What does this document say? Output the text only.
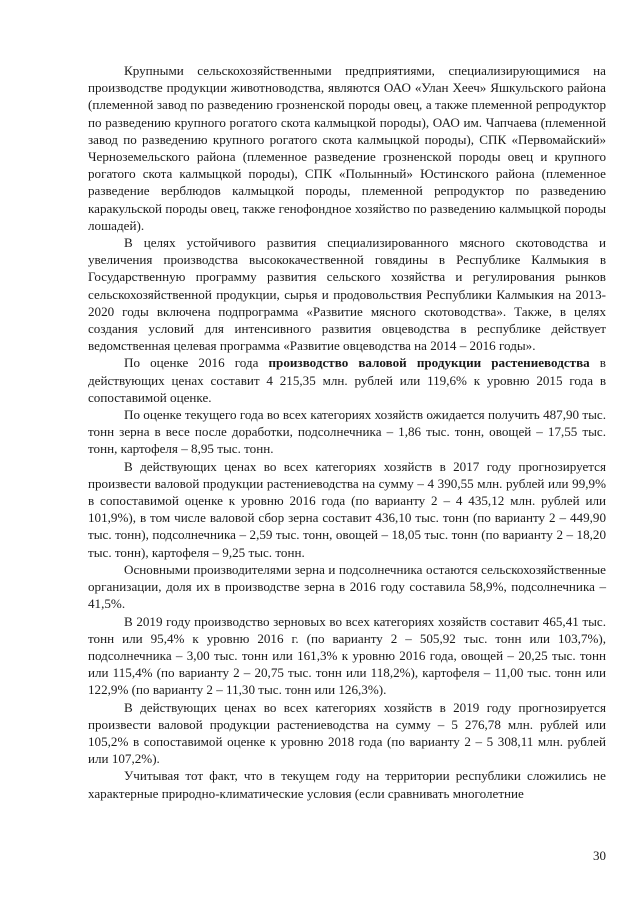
Крупными сельскохозяйственными предприятиями, специализирующимися на производстве продукции животноводства, являются ОАО «Улан Хееч» Яшкульского района (племенной завод по разведению грозненской породы овец, а также племенной репродуктор по разведению крупного рогатого скота калмыцкой породы), ОАО им. Чапчаева (племенной завод по разведению крупного рогатого скота калмыцкой породы), СПК «Первомайский» Черноземельского района (племенное разведение грозненской породы овец и крупного рогатого скота калмыцкой породы), СПК «Полынный» Юстинского района (племенное разведение верблюдов калмыцкой породы, племенной репродуктор по разведению каракульской породы овец, также генофондное хозяйство по разведению калмыцкой породы лошадей).

В целях устойчивого развития специализированного мясного скотоводства и увеличения производства высококачественной говядины в Республике Калмыкия в Государственную программу развития сельского хозяйства и регулирования рынков сельскохозяйственной продукции, сырья и продовольствия Республики Калмыкия на 2013-2020 годы включена подпрограмма «Развитие мясного скотоводства». Также, в целях создания условий для интенсивного развития овцеводства в республике действует ведомственная целевая программа «Развитие овцеводства на 2014 – 2016 годы».

По оценке 2016 года производство валовой продукции растениеводства в действующих ценах составит 4 215,35 млн. рублей или 119,6% к уровню 2015 года в сопоставимой оценке.

По оценке текущего года во всех категориях хозяйств ожидается получить 487,90 тыс. тонн зерна в весе после доработки, подсолнечника – 1,86 тыс. тонн, овощей – 17,55 тыс. тонн, картофеля – 8,95 тыс. тонн.

В действующих ценах во всех категориях хозяйств в 2017 году прогнозируется произвести валовой продукции растениеводства на сумму – 4 390,55 млн. рублей или 99,9% в сопоставимой оценке к уровню 2016 года (по варианту 2 – 4 435,12 млн. рублей или 101,9%), в том числе валовой сбор зерна составит 436,10 тыс. тонн (по варианту 2 – 449,90 тыс. тонн), подсолнечника – 2,59 тыс. тонн, овощей – 18,05 тыс. тонн (по варианту 2 – 18,20 тыс. тонн), картофеля – 9,25 тыс. тонн.

Основными производителями зерна и подсолнечника остаются сельскохозяйственные организации, доля их в производстве зерна в 2016 году составила 58,9%, подсолнечника – 41,5%.

В 2019 году производство зерновых во всех категориях хозяйств составит 465,41 тыс. тонн или 95,4% к уровню 2016 г. (по варианту 2 – 505,92 тыс. тонн или 103,7%), подсолнечника – 3,00 тыс. тонн или 161,3% к уровню 2016 года, овощей – 20,25 тыс. тонн или 115,4% (по варианту 2 – 20,75 тыс. тонн или 118,2%), картофеля – 11,00 тыс. тонн или 122,9% (по варианту 2 – 11,30 тыс. тонн или 126,3%).

В действующих ценах во всех категориях хозяйств в 2019 году прогнозируется произвести валовой продукции растениеводства на сумму – 5 276,78 млн. рублей или 105,2% в сопоставимой оценке к уровню 2018 года (по варианту 2 – 5 308,11 млн. рублей или 107,2%).

Учитывая тот факт, что в текущем году на территории республики сложились не характерные природно-климатические условия (если сравнивать многолетние

30
